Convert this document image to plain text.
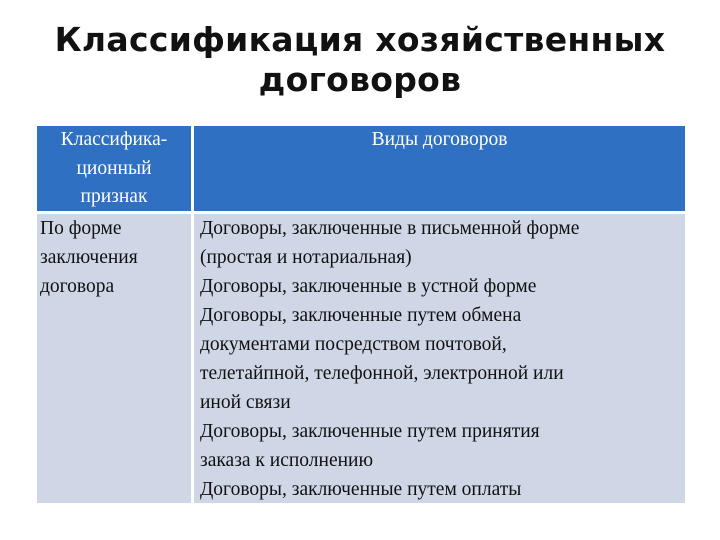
Классификация хозяйственных
договоров
Классифика-
ционный
признак
Виды договоров
По форме
заключения
договора
Договоры, заключенные в письменной форме
(простая и нотариальная)
Договоры, заключенные в устной форме
Договоры, заключенные путем обмена
документами посредством почтовой,
телетайпной, телефонной, электронной или
иной связи
Договоры, заключенные путем принятия
заказа к исполнению
Договоры, заключенные путем оплаты
